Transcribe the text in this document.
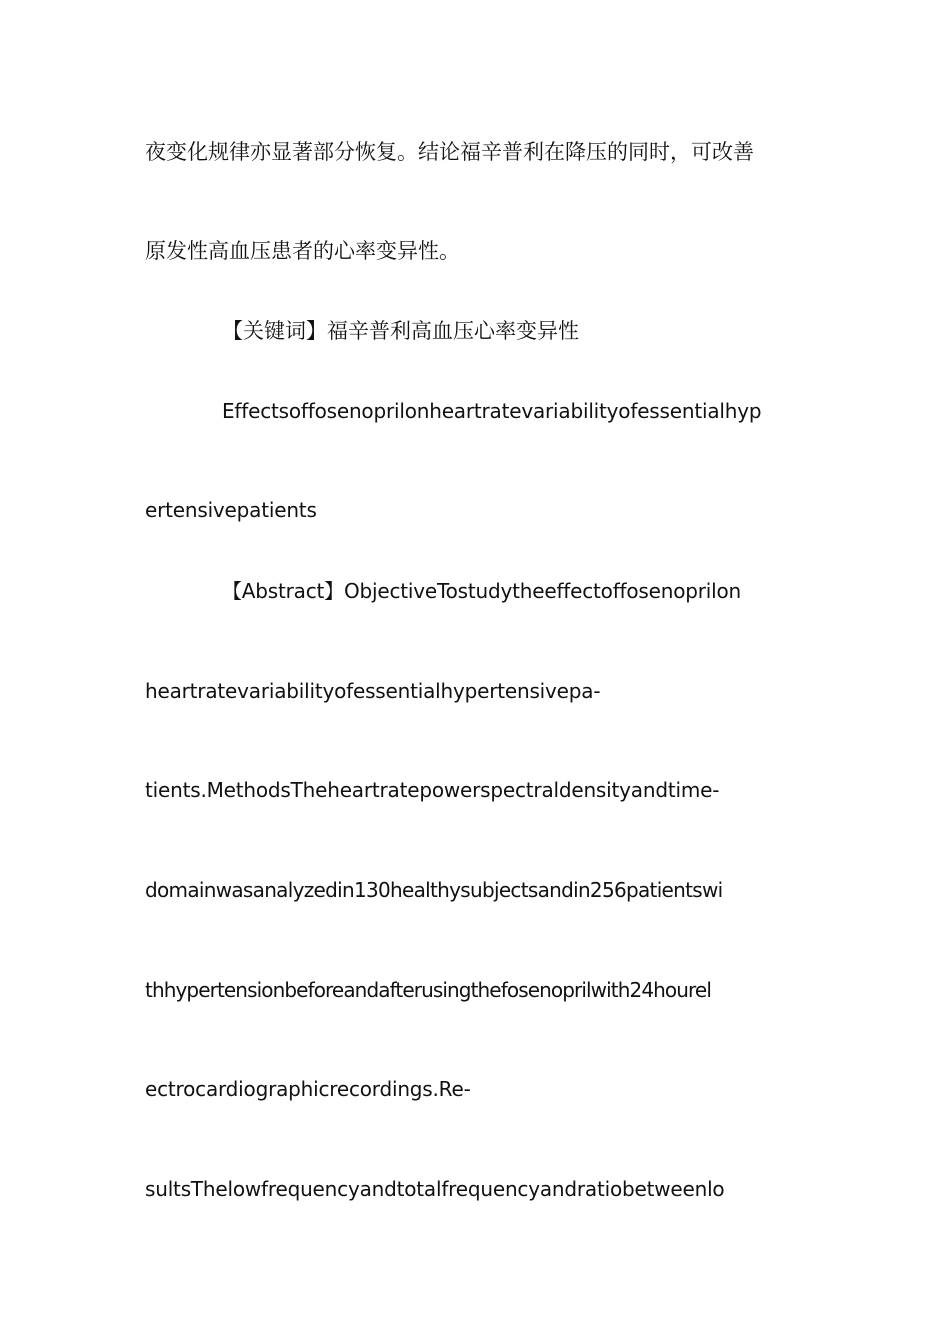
夜变化规律亦显著部分恢复。结论福辛普利在降压的同时，可改善
原发性高血压患者的心率变异性。
【关键词】福辛普利高血压心率变异性
Effectsoffosenoprilonheartratevariabilityofessentialhyp
ertensivepatients
【Abstract】ObjectiveTostudytheeffectoffosenoprilon
heartratevariabilityofessentialhypertensivepa-
tients.MethodsTheheartratepowerspectraldensityandtime-
domainwasanalyzedin130healthysubjectsandin256patientswi
thhypertensionbeforeandafterusingthefosenoprilwith24hourel
ectrocardiographicrecordings.Re-
sultsThelowfrequencyandtotalfrequencyandratiobetweenlo
